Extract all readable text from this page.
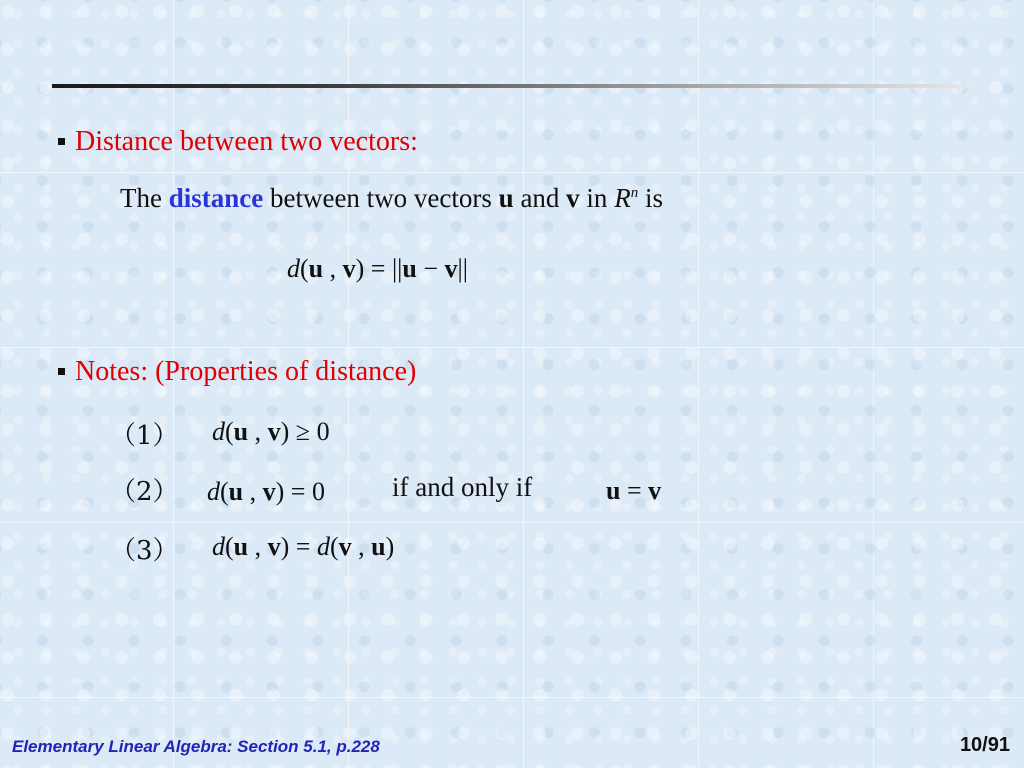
Distance between two vectors:
The distance between two vectors u and v in $R^n$ is
d(u , v) = ||u − v||
Notes: (Properties of distance)
（1） d(u , v) ≥ 0
（2） d(u , v) = 0 if and only if	u = v
（3） d(u , v) = d(v , u)
Elementary Linear Algebra: Section 5.1, p.228	10/91
